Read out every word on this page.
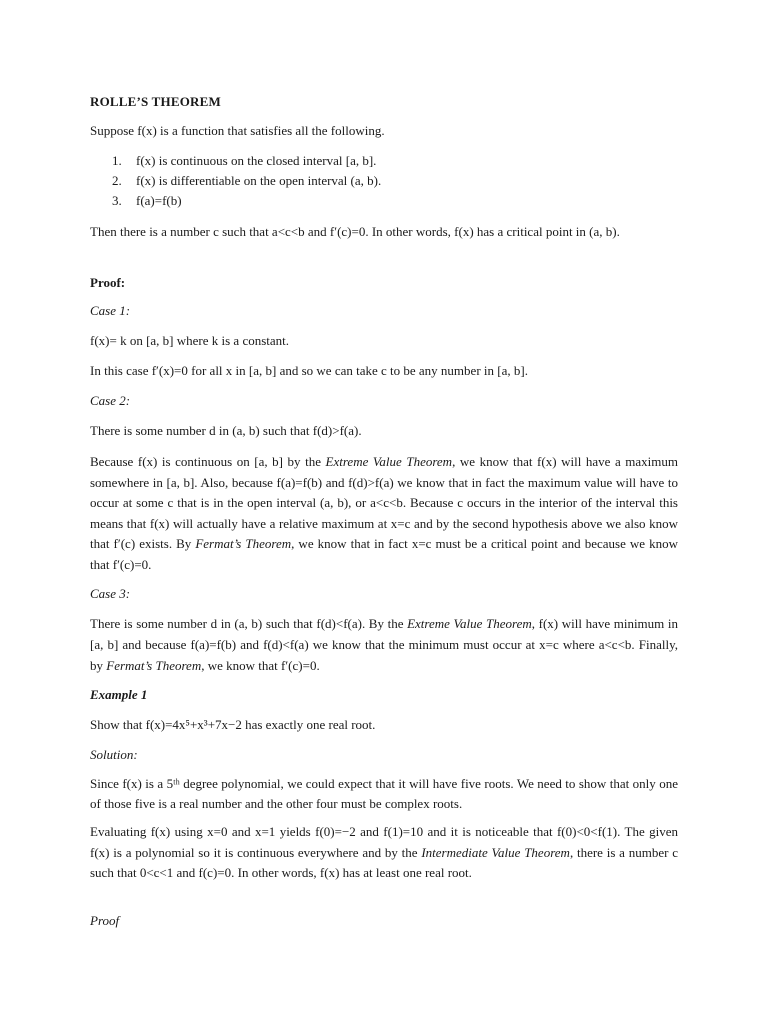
ROLLE’S THEOREM
Suppose f(x) is a function that satisfies all the following.
1. f(x) is continuous on the closed interval [a, b].
2. f(x) is differentiable on the open interval (a, b).
3. f(a)=f(b)
Then there is a number c such that a<c<b and f′(c)=0. In other words, f(x) has a critical point in (a, b).
Proof:
Case 1:
f(x)= k on [a, b] where k is a constant.
In this case f′(x)=0 for all x in [a, b] and so we can take c to be any number in [a, b].
Case 2:
There is some number d in (a, b) such that f(d)>f(a).
Because f(x) is continuous on [a, b] by the Extreme Value Theorem, we know that f(x) will have a maximum somewhere in [a, b]. Also, because f(a)=f(b) and f(d)>f(a) we know that in fact the maximum value will have to occur at some c that is in the open interval (a, b), or a<c<b. Because c occurs in the interior of the interval this means that f(x) will actually have a relative maximum at x=c and by the second hypothesis above we also know that f′(c) exists. By Fermat’s Theorem, we know that in fact x=c must be a critical point and because we know that f′(c)=0.
Case 3:
There is some number d in (a, b) such that f(d)<f(a). By the Extreme Value Theorem, f(x) will have minimum in [a, b] and because f(a)=f(b) and f(d)<f(a) we know that the minimum must occur at x=c where a<c<b. Finally, by Fermat’s Theorem, we know that f′(c)=0.
Example 1
Show that f(x)=4x⁵+x³+7x−2 has exactly one real root.
Solution:
Since f(x) is a 5ᵗʰ degree polynomial, we could expect that it will have five roots. We need to show that only one of those five is a real number and the other four must be complex roots.
Evaluating f(x) using x=0 and x=1 yields f(0)=−2 and f(1)=10 and it is noticeable that f(0)<0<f(1). The given f(x) is a polynomial so it is continuous everywhere and by the Intermediate Value Theorem, there is a number c such that 0<c<1 and f(c)=0. In other words, f(x) has at least one real root.
Proof
